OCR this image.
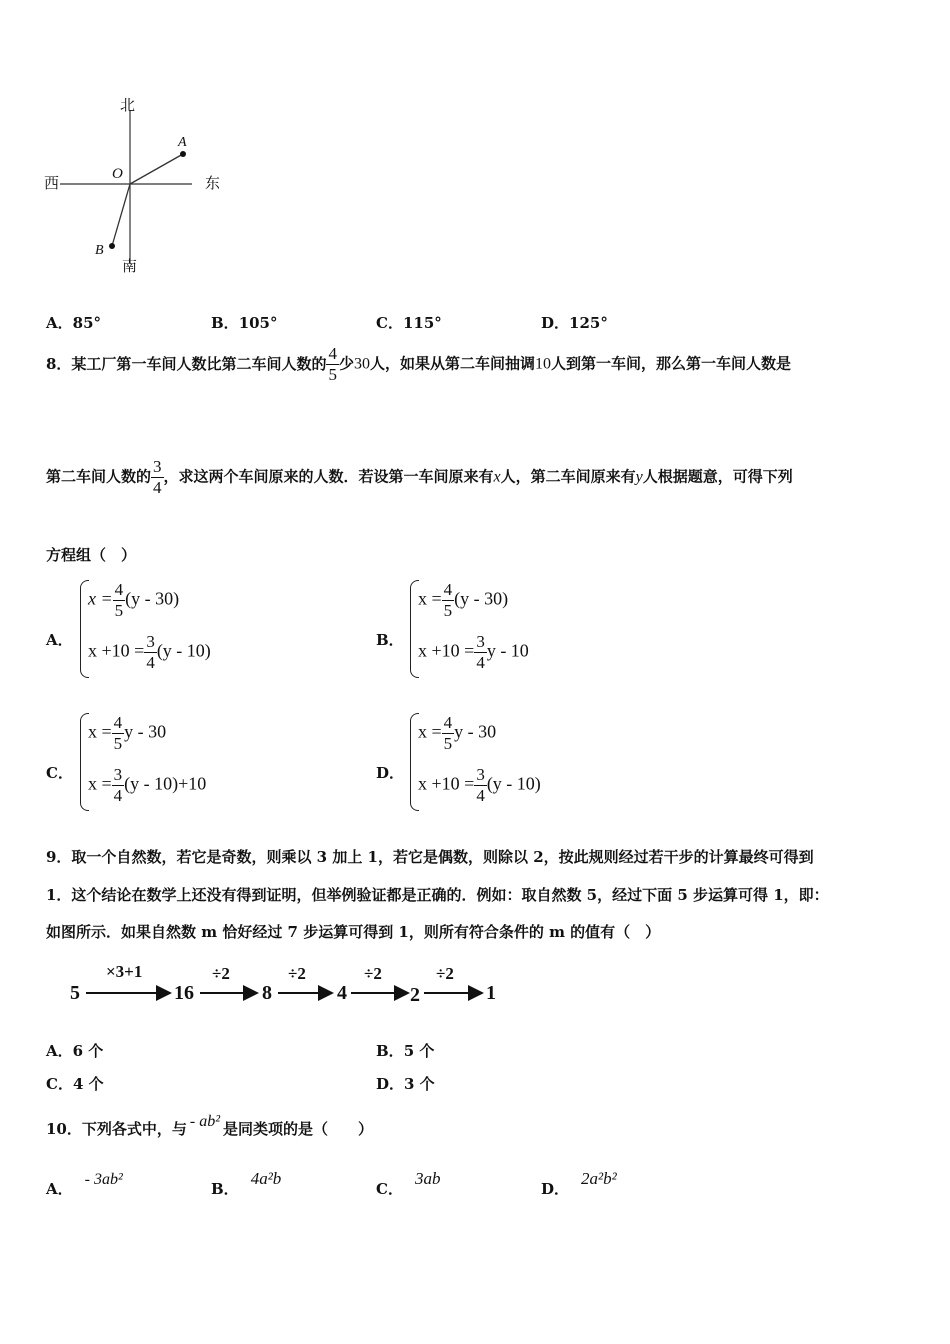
北
南
西	东
O
A
B
A．85°	B．105°	C．115°	D．125°
8．某工厂第一车间人数比第二车间人数的 $\frac{4}{5}$ 少30人，如果从第二车间抽调10人到第一车间，那么第一车间人数是
第二车间人数的 $\frac{3}{4}$ ，求这两个车间原来的人数．若设第一车间原来有x人，第二车间原来有y人根据题意，可得下列
方程组（　）
A．
$x = \frac{4}{5} (y - 30)$
$x +10 = \frac{3}{4} (y - 10)$
B．
$x = \frac{4}{5} (y - 30)$
$x +10 = \frac{3}{4}$ y - 10
C．
$x = \frac{4}{5}$ y - 30
$x = \frac{3}{4} (y - 10)+10$
D．
$x = \frac{4}{5}$ y - 30
$x +10 = \frac{3}{4} (y - 10)$
9．取一个自然数，若它是奇数，则乘以 3 加上 1，若它是偶数，则除以 2，按此规则经过若干步的计算最终可得到
1．这个结论在数学上还没有得到证明，但举例验证都是正确的．例如：取自然数 5，经过下面 5 步运算可得 1，即：
如图所示．如果自然数 m 恰好经过 7 步运算可得到 1，则所有符合条件的 m 的值有（　）
5
×3+1
16
÷2
8
÷2
4
÷2
2
÷2
1
A．6 个	B．5 个
C．4 个	D．3 个
10．下列各式中，与 - ab² 是同类项的是（　　）
A．- 3ab²
B．4a²b
C．3ab
D．2a²b²
